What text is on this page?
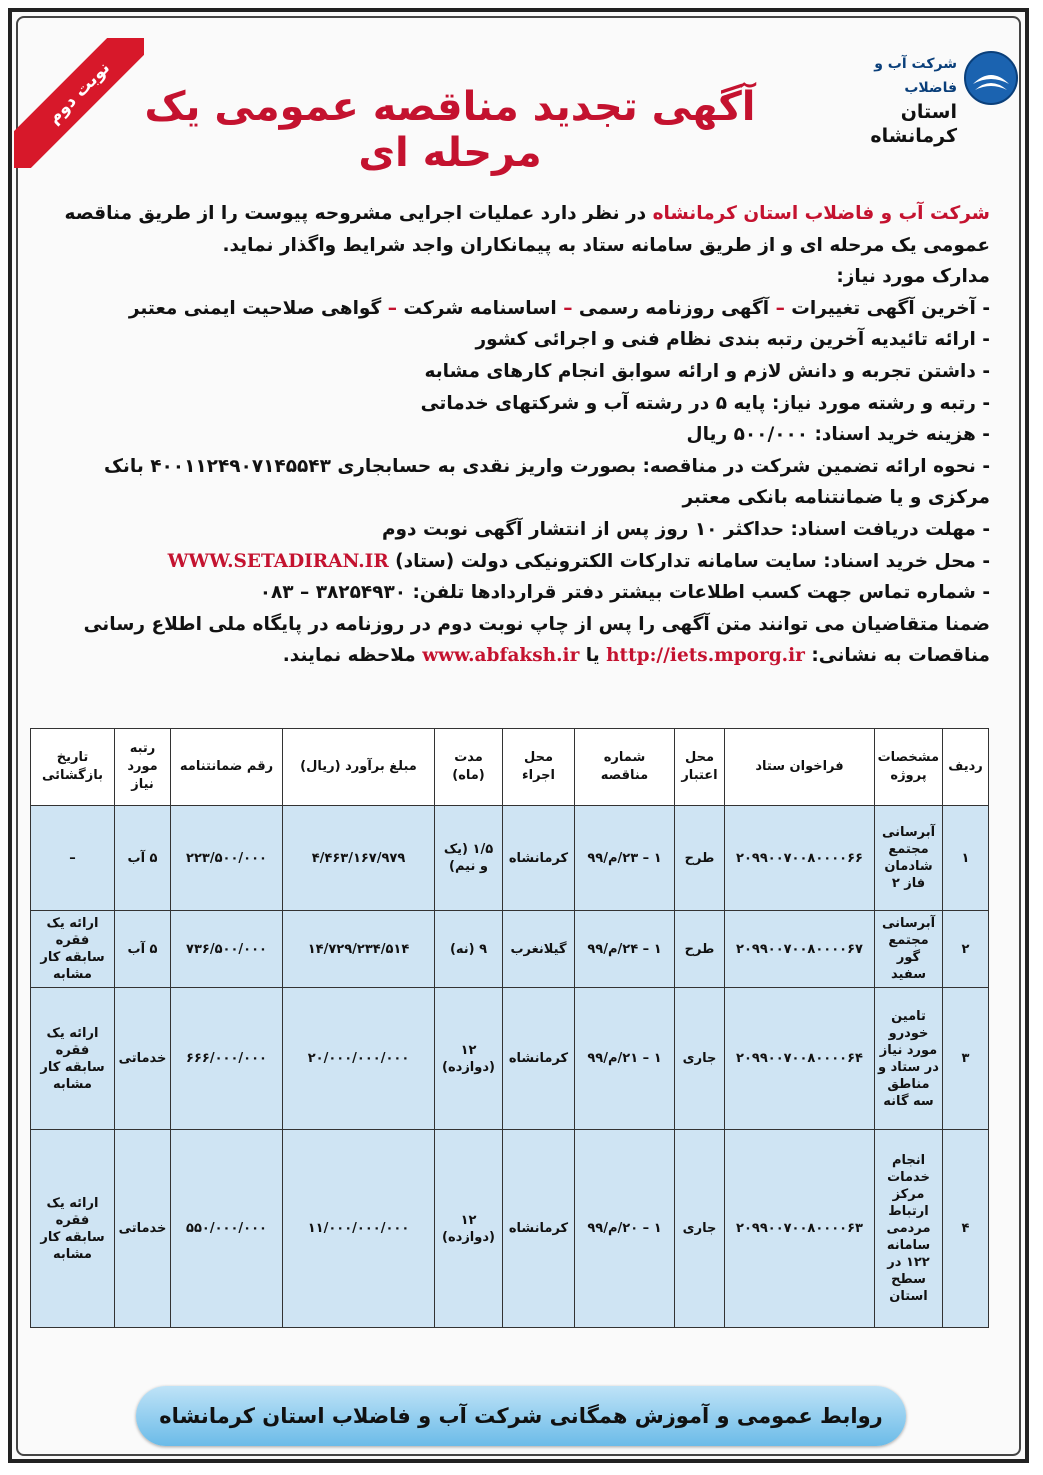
نوبت دوم	شرکت آب و فاضلاب
استان کرمانشاه
آگهی تجدید مناقصه عمومی یک مرحله ای

شرکت آب و فاضلاب استان کرمانشاه در نظر دارد عملیات اجرایی مشروحه پیوست را از طریق مناقصه عمومی یک مرحله ای و از طریق سامانه ستاد به پیمانکاران واجد شرایط واگذار نماید.

مدارک مورد نیاز:

- آخرین آگهی تغییرات – آگهی روزنامه رسمی – اساسنامه شرکت – گواهی صلاحیت ایمنی معتبر

- ارائه تائیدیه آخرین رتبه بندی نظام فنی و اجرائی کشور

- داشتن تجربه و دانش لازم و ارائه سوابق انجام کارهای مشابه

- رتبه و رشته مورد نیاز: پایه ۵ در رشته آب و شرکتهای خدماتی

- هزینه خرید اسناد: ۵۰۰/۰۰۰ ریال

- نحوه ارائه تضمین شرکت در مناقصه: بصورت واریز نقدی به حسابجاری ۴۰۰۱۱۲۴۹۰۷۱۴۵۵۴۳ بانک مرکزی و یا ضمانتنامه بانکی معتبر

- مهلت دریافت اسناد: حداکثر ۱۰ روز پس از انتشار آگهی نوبت دوم

- محل خرید اسناد: سایت سامانه تدارکات الکترونیکی دولت (ستاد) WWW.SETADIRAN.IR

- شماره تماس جهت کسب اطلاعات بیشتر دفتر قراردادها تلفن: ۳۸۲۵۴۹۳۰ – ۰۸۳

ضمنا متقاضیان می توانند متن آگهی را پس از چاپ نوبت دوم در روزنامه در پایگاه ملی اطلاع رسانی مناقصات به نشانی: http://iets.mporg.ir یا www.abfaksh.ir ملاحظه نمایند.

ردیف	مشخصات پروژه	فراخوان ستاد	محل اعتبار	شماره مناقصه	محل اجراء	مدت (ماه)	مبلغ برآورد (ریال)	رقم ضمانتنامه	رتبه مورد نیاز	تاریخ بازگشائی
۱	آبرسانی مجتمع شادمان فاز ۲	۲۰۹۹۰۰۷۰۰۸۰۰۰۰۶۶	طرح	۱ – ۲۳/م/۹۹	کرمانشاه	۱/۵ (یک و نیم)	۴/۴۶۳/۱۶۷/۹۷۹	۲۲۳/۵۰۰/۰۰۰	۵ آب	–
۲	آبرسانی مجتمع گور سفید	۲۰۹۹۰۰۷۰۰۸۰۰۰۰۶۷	طرح	۱ – ۲۴/م/۹۹	گیلانغرب	۹ (نه)	۱۴/۷۲۹/۲۳۴/۵۱۴	۷۳۶/۵۰۰/۰۰۰	۵ آب	ارائه یک فقره سابقه کار مشابه
۳	تامین خودرو مورد نیاز در ستاد و مناطق سه گانه	۲۰۹۹۰۰۷۰۰۸۰۰۰۰۶۴	جاری	۱ – ۲۱/م/۹۹	کرمانشاه	۱۲ (دوازده)	۲۰/۰۰۰/۰۰۰/۰۰۰	۶۶۶/۰۰۰/۰۰۰	خدماتی	ارائه یک فقره سابقه کار مشابه
۴	انجام خدمات مرکز ارتباط مردمی سامانه ۱۲۲ در سطح استان	۲۰۹۹۰۰۷۰۰۸۰۰۰۰۶۳	جاری	۱ – ۲۰/م/۹۹	کرمانشاه	۱۲ (دوازده)	۱۱/۰۰۰/۰۰۰/۰۰۰	۵۵۰/۰۰۰/۰۰۰	خدماتی	ارائه یک فقره سابقه کار مشابه
روابط عمومی و آموزش همگانی شرکت آب و فاضلاب استان کرمانشاه
